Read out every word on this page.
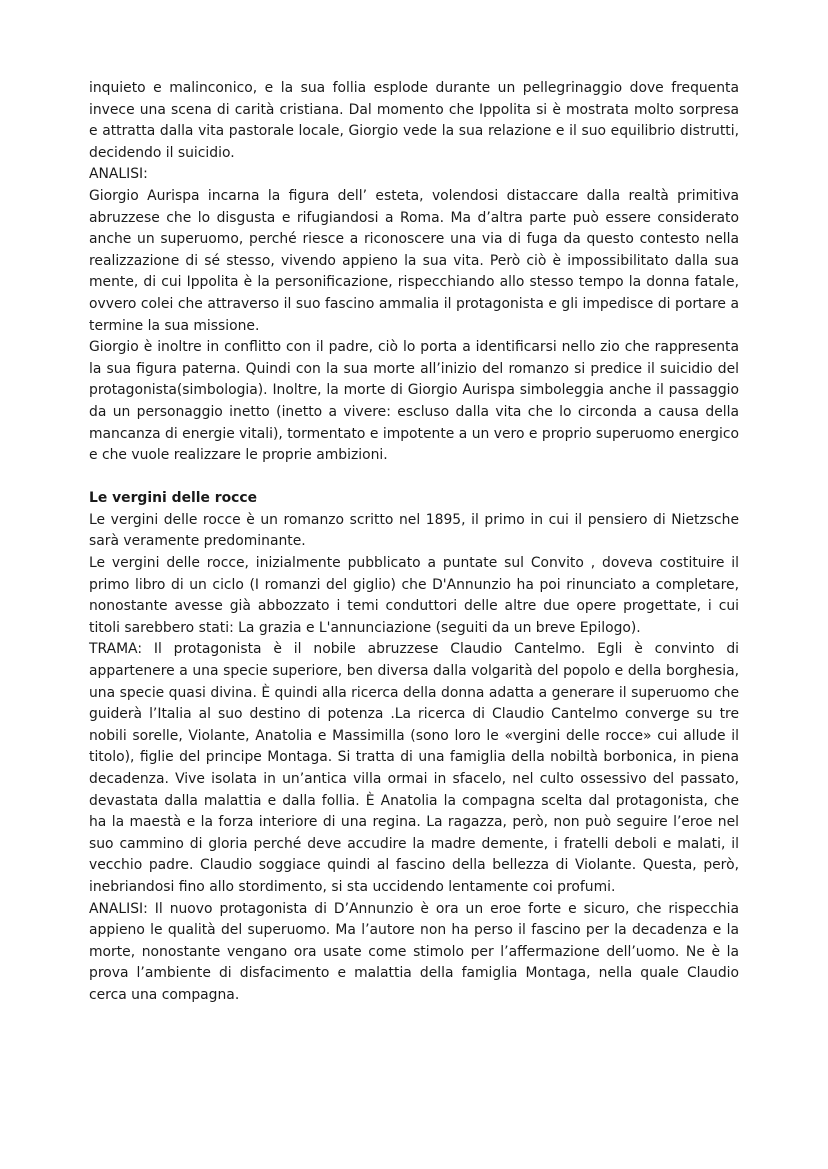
inquieto e malinconico, e la sua follia esplode durante un pellegrinaggio dove frequenta invece una scena di carità cristiana. Dal momento che Ippolita si è mostrata molto sorpresa e attratta dalla vita pastorale locale, Giorgio vede la sua relazione e il suo equilibrio distrutti, decidendo il suicidio.

ANALISI:

Giorgio Aurispa incarna la figura dell’ esteta, volendosi distaccare dalla realtà primitiva abruzzese che lo disgusta e rifugiandosi a Roma. Ma d’altra parte può essere considerato anche un superuomo, perché riesce a riconoscere una via di fuga da questo contesto nella realizzazione di sé stesso, vivendo appieno la sua vita. Però ciò è impossibilitato dalla sua mente, di cui Ippolita è la personificazione, rispecchiando allo stesso tempo la donna fatale, ovvero colei che attraverso il suo fascino ammalia il protagonista e gli impedisce di portare a termine la sua missione.

Giorgio è inoltre in conflitto con il padre, ciò lo porta a identificarsi nello zio che rappresenta la sua figura paterna. Quindi con la sua morte all’inizio del romanzo si predice il suicidio del protagonista(simbologia). Inoltre, la morte di Giorgio Aurispa simboleggia anche il passaggio da un personaggio inetto (inetto a vivere: escluso dalla vita che lo circonda a causa della mancanza di energie vitali), tormentato e impotente a un vero e proprio superuomo energico e che vuole realizzare le proprie ambizioni.

Le vergini delle rocce

Le vergini delle rocce è un romanzo scritto nel 1895, il primo in cui il pensiero di Nietzsche sarà veramente predominante.

Le vergini delle rocce, inizialmente pubblicato a puntate sul Convito , doveva costituire il primo libro di un ciclo (I romanzi del giglio) che D'Annunzio ha poi rinunciato a completare, nonostante avesse già abbozzato i temi conduttori delle altre due opere progettate, i cui titoli sarebbero stati: La grazia e L'annunciazione (seguiti da un breve Epilogo).

TRAMA: Il protagonista è il nobile abruzzese Claudio Cantelmo. Egli è convinto di appartenere a una specie superiore, ben diversa dalla volgarità del popolo e della borghesia, una specie quasi divina. È quindi alla ricerca della donna adatta a generare il superuomo che guiderà l’Italia al suo destino di potenza .La ricerca di Claudio Cantelmo converge su tre nobili sorelle, Violante, Anatolia e Massimilla (sono loro le «vergini delle rocce» cui allude il titolo), figlie del principe Montaga. Si tratta di una famiglia della nobiltà borbonica, in piena decadenza. Vive isolata in un’antica villa ormai in sfacelo, nel culto ossessivo del passato, devastata dalla malattia e dalla follia. È Anatolia la compagna scelta dal protagonista, che ha la maestà e la forza interiore di una regina. La ragazza, però, non può seguire l’eroe nel suo cammino di gloria perché deve accudire la madre demente, i fratelli deboli e malati, il vecchio padre. Claudio soggiace quindi al fascino della bellezza di Violante. Questa, però, inebriandosi fino allo stordimento, si sta uccidendo lentamente coi profumi.

ANALISI: Il nuovo protagonista di D’Annunzio è ora un eroe forte e sicuro, che rispecchia appieno le qualità del superuomo. Ma l’autore non ha perso il fascino per la decadenza e la morte, nonostante vengano ora usate come stimolo per l’affermazione dell’uomo. Ne è la prova l’ambiente di disfacimento e malattia della famiglia Montaga, nella quale Claudio cerca una compagna.
